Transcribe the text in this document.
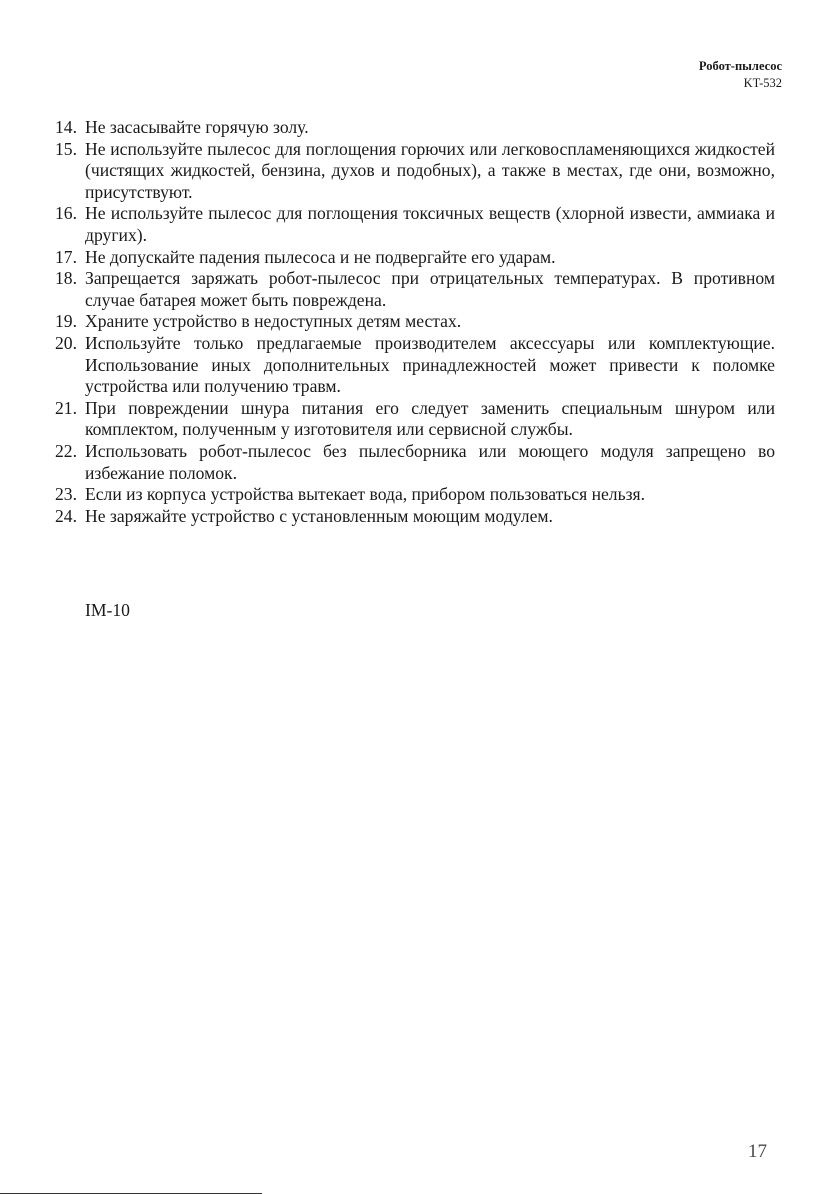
Робот-пылесос
KT-532
14. Не засасывайте горячую золу.
15. Не используйте пылесос для поглощения горючих или легковоспламеняющихся жидкостей (чистящих жидкостей, бензина, духов и подобных), а также в местах, где они, возможно, присутствуют.
16. Не используйте пылесос для поглощения токсичных веществ (хлорной извести, аммиака и других).
17. Не допускайте падения пылесоса и не подвергайте его ударам.
18. Запрещается заряжать робот-пылесос при отрицательных температурах. В противном случае батарея может быть повреждена.
19. Храните устройство в недоступных детям местах.
20. Используйте только предлагаемые производителем аксессуары или комплектующие. Использование иных дополнительных принадлежностей может привести к поломке устройства или получению травм.
21. При повреждении шнура питания его следует заменить специальным шнуром или комплектом, полученным у изготовителя или сервисной службы.
22. Использовать робот-пылесос без пылесборника или моющего модуля запрещено во избежание поломок.
23. Если из корпуса устройства вытекает вода, прибором пользоваться нельзя.
24. Не заряжайте устройство с установленным моющим модулем.
IM-10
17
